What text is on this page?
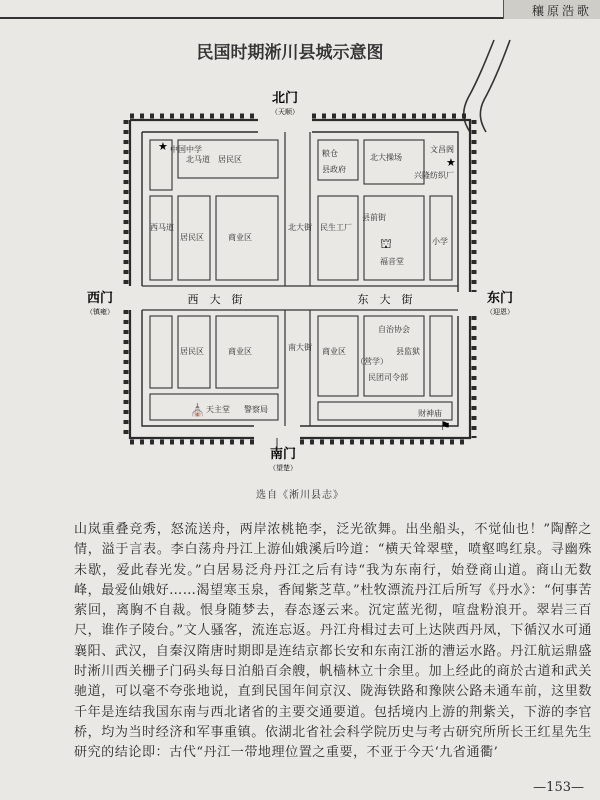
穰原浩歌
民国时期淅川县城示意图
北门
（天顺）
西门
（镇雍）
东门
（迎恩）
南门
（望楚）
西　大　街	东　大　街
中国中学
北马道 居民区
粮仓
县政府
北大操场
文昌阁
兴隆纺织厂
西马道
居民区	商业区
北大街 民生工厂
县前街
福音堂
小学
居民区	商业区	南大街 商业区
自治协会
县监狱
（营学）
民团司令部
天主堂 警察局	财神庙
★
★
⛫
⛪
⚑
选自《淅川县志》

山岚重叠竞秀，怒流送舟，两岸浓桃艳李，泛光欲舞。出坐船头，不觉仙也！”陶醉之情，溢于言表。李白荡舟丹江上游仙娥溪后吟道：“横天耸翠壁，喷壑鸣红泉。寻幽殊未歇，爱此春光发。”白居易泛舟丹江之后有诗“我为东南行，始登商山道。商山无数峰，最爱仙娥好……渴望寒玉泉，香闻紫芝草。”杜牧漂流丹江后所写《丹水》：“何事苦萦回，离胸不自裁。恨身随梦去，春态逐云来。沉定蓝光彻，喧盘粉浪开。翠岩三百尺，谁作子陵台。”文人骚客，流连忘返。丹江舟楫过去可上达陕西丹凤，下循汉水可通襄阳、武汉，自秦汉隋唐时期即是连结京都长安和东南江浙的漕运水路。丹江航运鼎盛时淅川西关栅子门码头每日泊船百余艘，帆樯林立十余里。加上经此的商於古道和武关驰道，可以毫不夸张地说，直到民国年间京汉、陇海铁路和豫陕公路未通车前，这里数千年是连结我国东南与西北诸省的主要交通要道。包括境内上游的荆紫关，下游的李官桥，均为当时经济和军事重镇。依湖北省社会科学院历史与考古研究所所长王红星先生研究的结论即：古代“丹江一带地理位置之重要，不亚于今天‘九省通衢’

—153—
